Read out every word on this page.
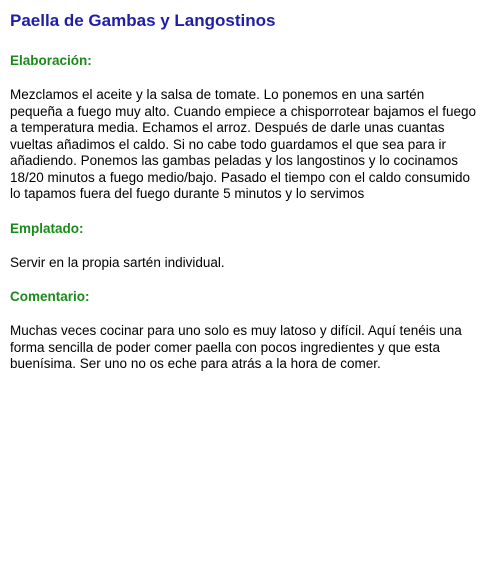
Paella de Gambas y Langostinos
Elaboración:

Mezclamos el aceite y la salsa de tomate. Lo ponemos en una sartén pequeña a fuego muy alto. Cuando empiece a chisporrotear bajamos el fuego a temperatura media. Echamos el arroz. Después de darle unas cuantas vueltas añadimos el caldo. Si no cabe todo guardamos el que sea para ir añadiendo. Ponemos las gambas peladas y los langostinos y lo cocinamos 18/20 minutos a fuego medio/bajo. Pasado el tiempo con el caldo consumido lo tapamos fuera del fuego durante 5 minutos y lo servimos

Emplatado:

Servir en la propia sartén individual.

Comentario:

Muchas veces cocinar para uno solo es muy latoso y difícil. Aquí tenéis una forma sencilla de poder comer paella con pocos ingredientes y que esta buenísima. Ser uno no os eche para atrás a la hora de comer.
